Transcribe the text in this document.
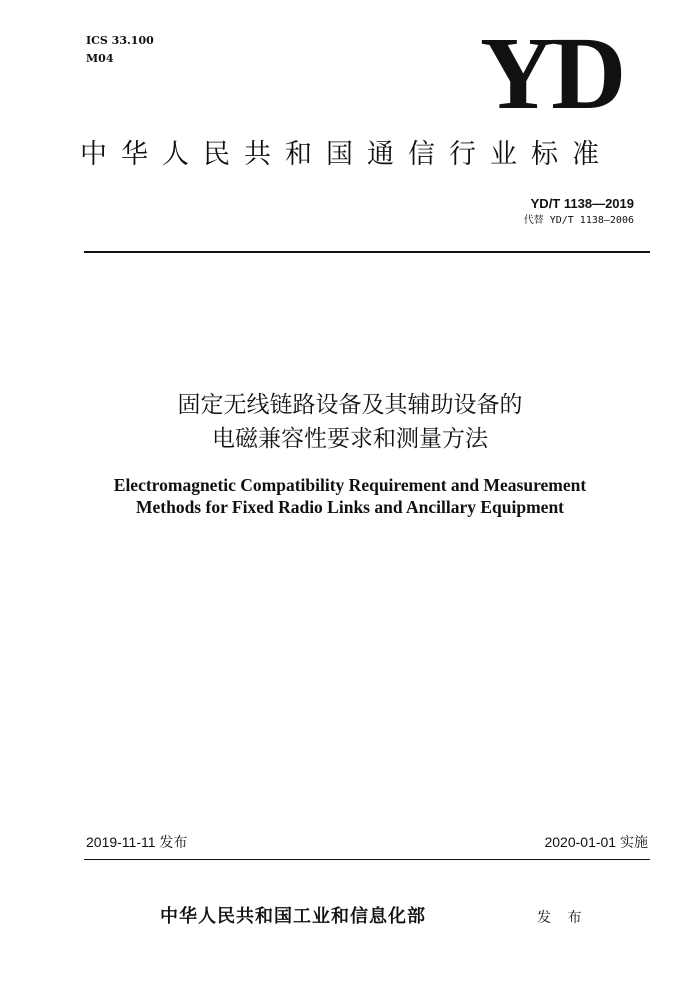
ICS 33.100
M04	YD
中华人民共和国通信行业标准
YD/T 1138—2019
代替 YD/T 1138—2006
固定无线链路设备及其辅助设备的
电磁兼容性要求和测量方法
Electromagnetic Compatibility Requirement and Measurement
Methods for Fixed Radio Links and Ancillary Equipment
2019-11-11 发布	2020-01-01 实施
中华人民共和国工业和信息化部	发 布
